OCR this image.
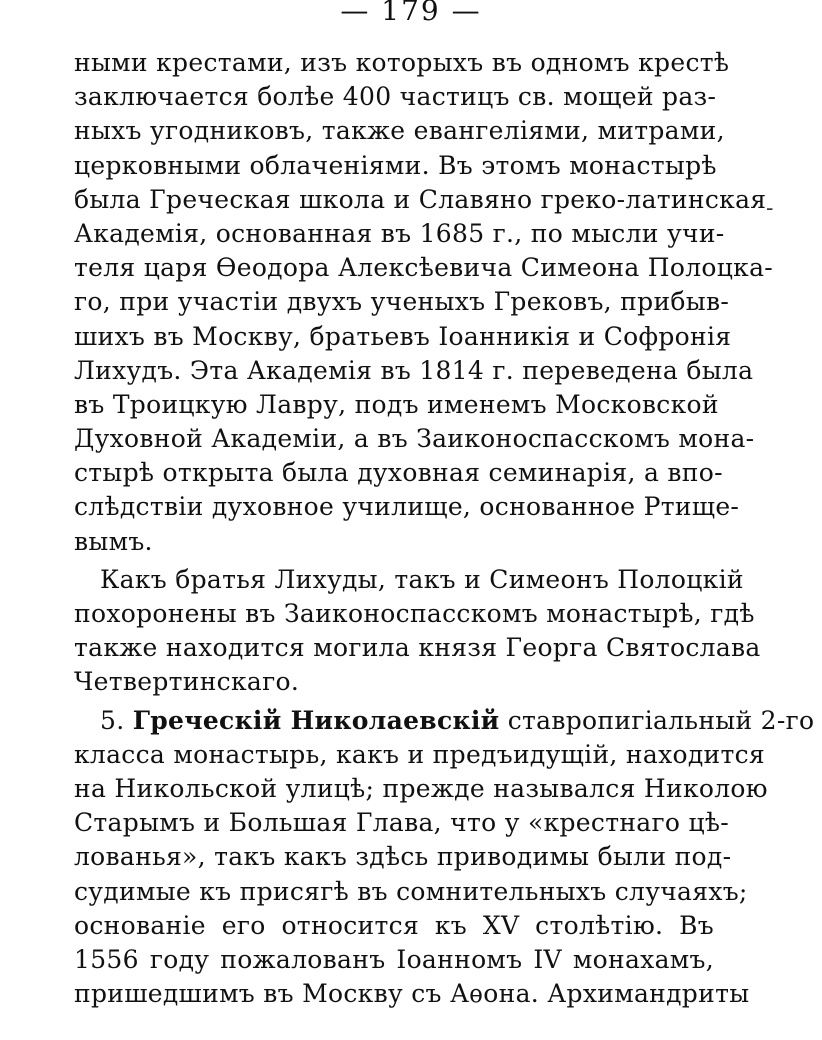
— 179 —
-
ными крестами, изъ которыхъ въ одномъ крестѣ
заключается болѣе 400 частицъ св. мощей раз-
ныхъ угодниковъ, также евангеліями, митрами,
церковными облаченіями. Въ этомъ монастырѣ
была Греческая школа и Славяно греко-латинская
Академія, основанная въ 1685 г., по мысли учи-
теля царя Ѳеодора Алексѣевича Симеона Полоцка-
го, при участіи двухъ ученыхъ Грековъ, прибыв-
шихъ въ Москву, братьевъ Іоанникія и Софронія
Лихудъ. Эта Академія въ 1814 г. переведена была
въ Троицкую Лавру, подъ именемъ Московской
Духовной Академіи, а въ Заиконоспасскомъ мона-
стырѣ открыта была духовная семинарія, а впо-
слѣдствіи духовное училище, основанное Ртище-
вымъ.
Какъ братья Лихуды, такъ и Симеонъ Полоцкій
похоронены въ Заиконоспасскомъ монастырѣ, гдѣ
также находится могила князя Георга Святослава
Четвертинскаго.
5. Греческій Николаевскій ставропигіальный 2-го
класса монастырь, какъ и предъидущій, находится
на Никольской улицѣ; прежде назывался Николою
Старымъ и Большая Глава, что у «крестнаго цѣ-
лованья», такъ какъ здѣсь приводимы были под-
судимые къ присягѣ въ сомнительныхъ случаяхъ;
основаніе его относится къ XV столѣтію. Въ
1556 году пожалованъ Іоанномъ IV монахамъ,
пришедшимъ въ Москву съ Аѳона. Архимандриты
